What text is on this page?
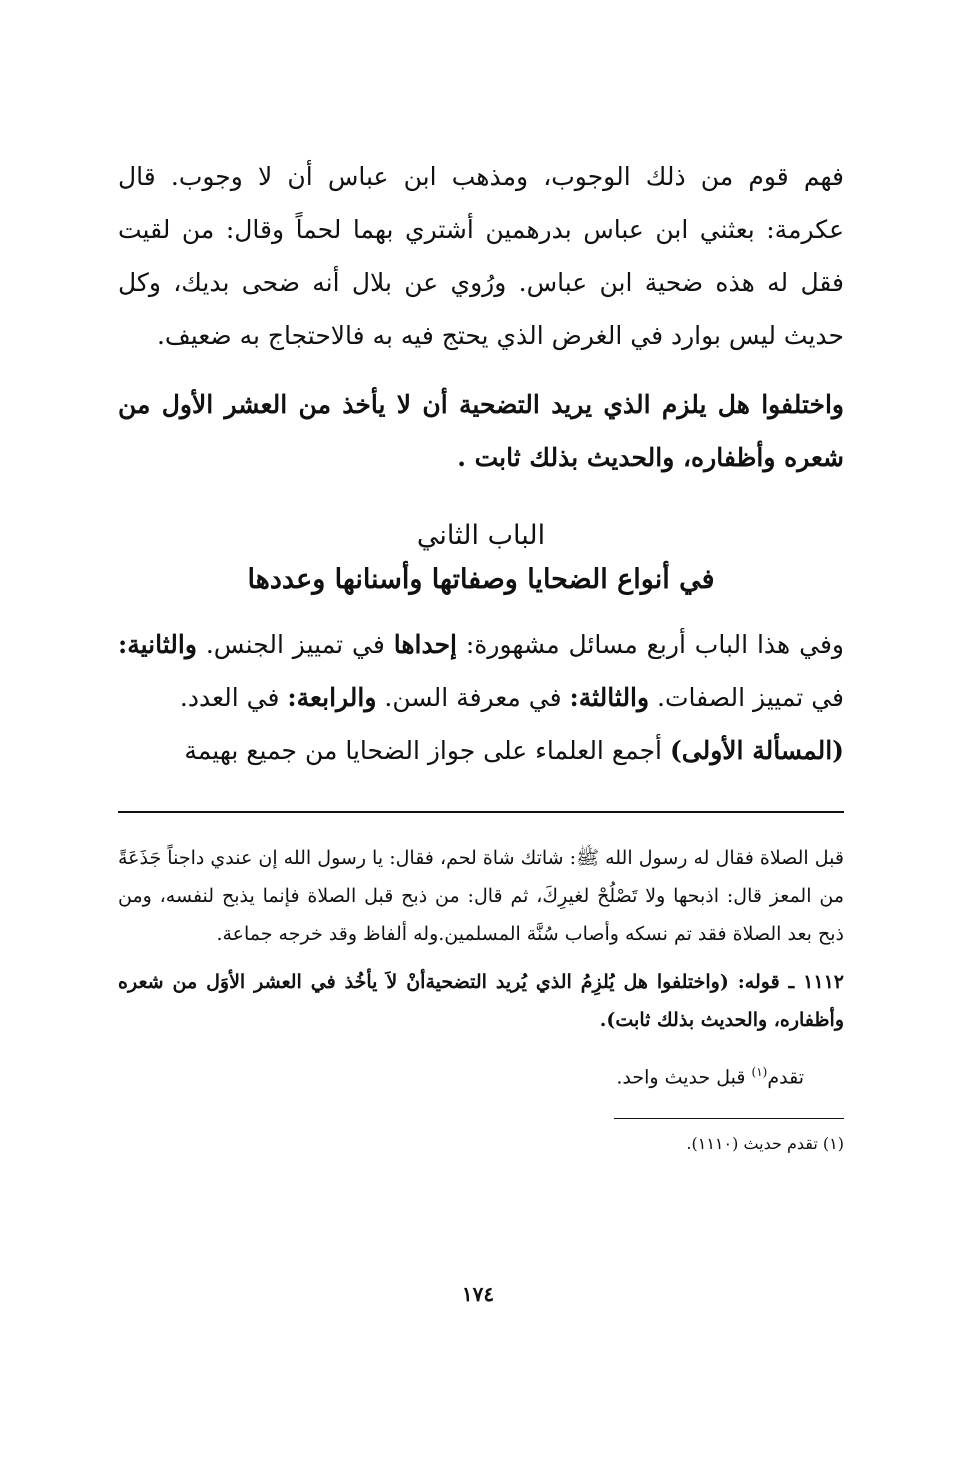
فهم قوم من ذلك الوجوب، ومذهب ابن عباس أن لا وجوب. قال عكرمة: بعثني ابن عباس بدرهمين أشتري بهما لحماً وقال: من لقيت فقل له هذه ضحية ابن عباس. ورُوي عن بلال أنه ضحى بديك، وكل حديث ليس بوارد في الغرض الذي يحتج فيه به فالاحتجاج به ضعيف.

واختلفوا هل يلزم الذي يريد التضحية أن لا يأخذ من العشر الأول من شعره وأظفاره، والحديث بذلك ثابت .

الباب الثاني
في أنواع الضحايا وصفاتها وأسنانها وعددها

وفي هذا الباب أربع مسائل مشهورة: إحداها في تمييز الجنس. والثانية: في تمييز الصفات. والثالثة: في معرفة السن. والرابعة: في العدد.

(المسألة الأولى) أجمع العلماء على جواز الضحايا من جميع بهيمة

قبل الصلاة فقال له رسول الله ﷺ: شاتك شاة لحم، فقال: يا رسول الله إن عندي داجناً جَذَعَةً من المعز قال: اذبحها ولا تَصْلُحْ لغيرِكَ، ثم قال: من ذبح قبل الصلاة فإنما يذبح لنفسه، ومن ذبح بعد الصلاة فقد تم نسكه وأصاب سُنَّة المسلمين.وله ألفاظ وقد خرجه جماعة.

١١١٢ ـ قوله: (واختلفوا هل يُلزِمُ الذي يُريد التضحيةأنْ لاَ يأخُذ في العشر الأوَل من شعره وأظفاره، والحديث بذلك ثابت).

تقدم$^{(١)}$ قبل حديث واحد.

(١) تقدم حديث (١١١٠).

١٧٤
